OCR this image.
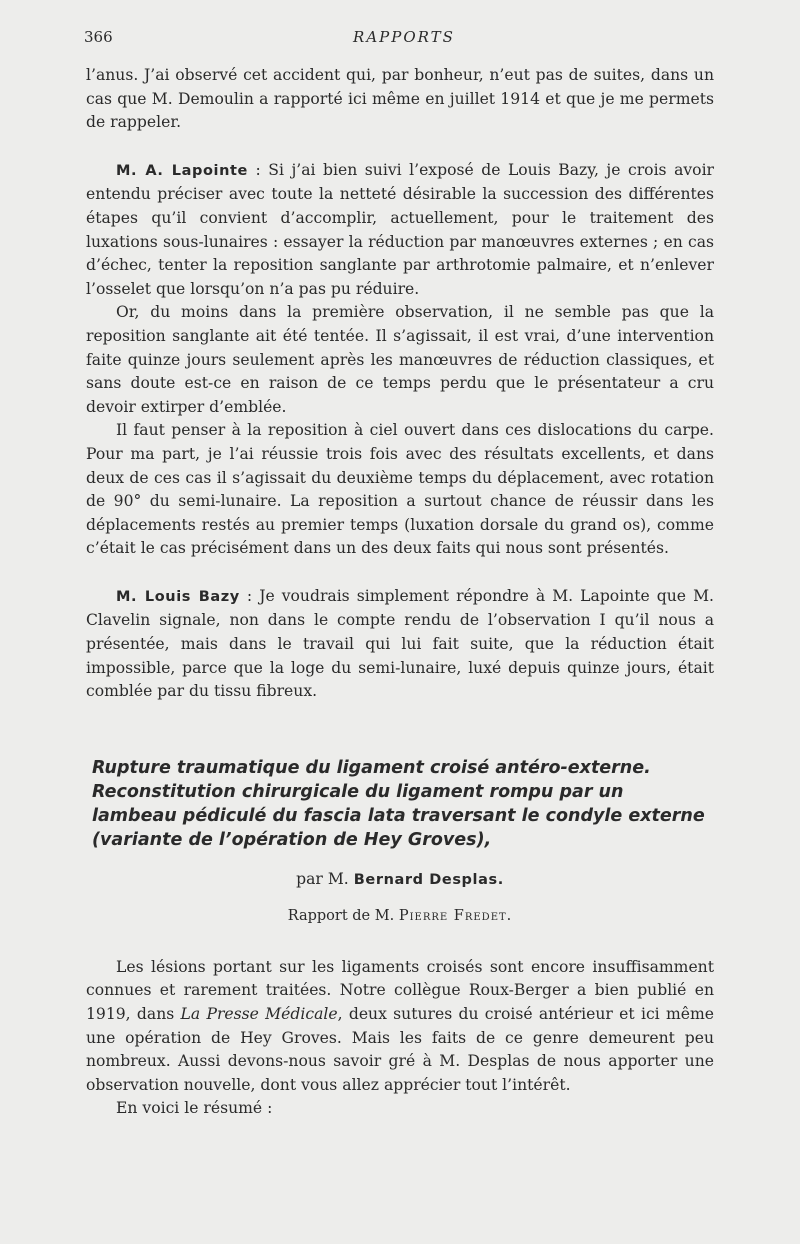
366	RAPPORTS

l’anus. J’ai observé cet accident qui, par bonheur, n’eut pas de suites, dans un cas que M. Demoulin a rapporté ici même en juillet 1914 et que je me permets de rappeler.

M. A. Lapointe : Si j’ai bien suivi l’exposé de Louis Bazy, je crois avoir entendu préciser avec toute la netteté désirable la succession des différentes étapes qu’il convient d’accomplir, actuellement, pour le traitement des luxations sous-lunaires : essayer la réduction par manœuvres externes ; en cas d’échec, tenter la reposition sanglante par arthrotomie palmaire, et n’enlever l’osselet que lorsqu’on n’a pas pu réduire.

Or, du moins dans la première observation, il ne semble pas que la reposition sanglante ait été tentée. Il s’agissait, il est vrai, d’une intervention faite quinze jours seulement après les manœuvres de réduction classiques, et sans doute est-ce en raison de ce temps perdu que le présentateur a cru devoir extirper d’emblée.

Il faut penser à la reposition à ciel ouvert dans ces dislocations du carpe. Pour ma part, je l’ai réussie trois fois avec des résultats excellents, et dans deux de ces cas il s’agissait du deuxième temps du déplacement, avec rotation de 90° du semi-lunaire. La reposition a surtout chance de réussir dans les déplacements restés au premier temps (luxation dorsale du grand os), comme c’était le cas précisément dans un des deux faits qui nous sont présentés.

M. Louis Bazy : Je voudrais simplement répondre à M. Lapointe que M. Clavelin signale, non dans le compte rendu de l’observation I qu’il nous a présentée, mais dans le travail qui lui fait suite, que la réduction était impossible, parce que la loge du semi-lunaire, luxé depuis quinze jours, était comblée par du tissu fibreux.

Rupture traumatique du ligament croisé antéro-externe. Reconstitution chirurgicale du ligament rompu par un lambeau pédiculé du fascia lata traversant le condyle externe (variante de l’opération de Hey Groves),
par M. Bernard Desplas.
Rapport de M. Pierre Fredet.

Les lésions portant sur les ligaments croisés sont encore insuffisamment connues et rarement traitées. Notre collègue Roux-Berger a bien publié en 1919, dans La Presse Médicale, deux sutures du croisé antérieur et ici même une opération de Hey Groves. Mais les faits de ce genre demeurent peu nombreux. Aussi devons-nous savoir gré à M. Desplas de nous apporter une observation nouvelle, dont vous allez apprécier tout l’intérêt.

En voici le résumé :
